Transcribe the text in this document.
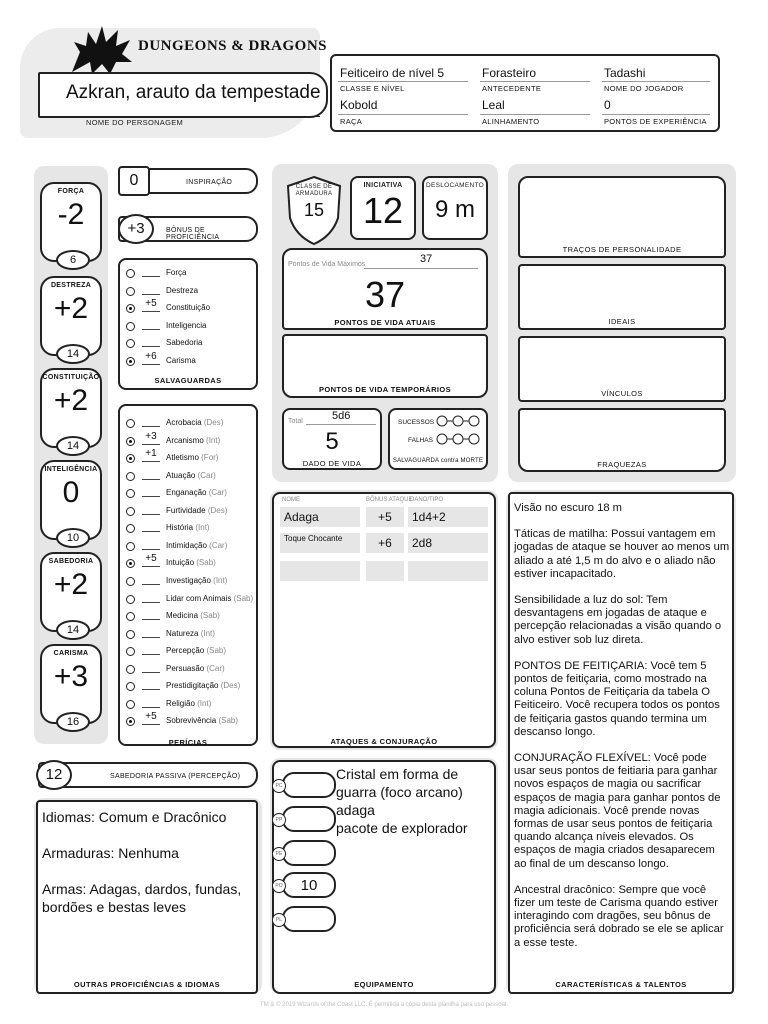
DUNGEONS & DRAGONS
Azkran, arauto da tempestade
NOME DO PERSONAGEM
Feiticeiro de nível 5
CLASSE E NÍVEL
Forasteiro
ANTECEDENTE
Tadashi
NOME DO JOGADOR
Kobold
RAÇA
Leal
ALINHAMENTO
0
PONTOS DE EXPERIÊNCIA
FORÇA
-2
6
DESTREZA
+2
14
CONSTITUIÇÃO
+2
14
INTELIGÊNCIA
0
10
SABEDORIA
+2
14
CARISMA
+3
16
0	INSPIRAÇÃO
+3	BÔNUS DE PROFICIÊNCIA
Força
Destreza
+5	Constituição
Inteligencia
Sabedoria
+6	Carisma
SALVAGUARDAS
Acrobacia (Des)
+3	Arcanismo (Int)
+1	Atletismo (For)
Atuação (Car)
Enganação (Car)
Furtividade (Des)
História (Int)
Intimidação (Car)
+5	Intuição (Sab)
Investigação (Int)
Lidar com Animais (Sab)
Medicina (Sab)
Natureza (Int)
Percepção (Sab)
Persuasão (Car)
Prestidigitação (Des)
Religião (Int)
+5	Sobrevivência (Sab)
PERÍCIAS
12	SABEDORIA PASSIVA (PERCEPÇÃO)
Idiomas: Comum e Dracônico

Armaduras: Nenhuma

Armas: Adagas, dardos, fundas, bordões e bestas leves
OUTRAS PROFICIÊNCIAS & IDIOMAS
CLASSE DE ARMADURA
15
INICIATIVA
12
DESLOCAMENTO
9 m
Pontos de Vida Máximos	37
37
PONTOS DE VIDA ATUAIS
PONTOS DE VIDA TEMPORÁRIOS
Total	5d6
5
DADO DE VIDA
SUCESSOS
FALHAS
SALVAGUARDA contra MORTE
NOME	BÔNUS ATAQUE
DANO/TIPO
Adaga	+5	1d4+2
Toque Chocante	+6	2d8
ATAQUES & CONJURAÇÃO
PC
PP
PE
PO	10
PL
Cristal em forma de
guarra (foco arcano)
adaga
pacote de explorador
EQUIPAMENTO
TRAÇOS DE PERSONALIDADE
IDEAIS
VÍNCULOS
FRAQUEZAS

Visão no escuro 18 m

Táticas de matilha: Possui vantagem em jogadas de ataque se houver ao menos um aliado a até 1,5 m do alvo e o aliado não estiver incapacitado.

Sensibilidade a luz do sol: Tem desvantagens em jogadas de ataque e percepção relacionadas a visão quando o alvo estiver sob luz direta.

PONTOS DE FEITIÇARIA: Você tem 5 pontos de feitiçaria, como mostrado na coluna Pontos de Feitiçaria da tabela O Feiticeiro. Você recupera todos os pontos de feitiçaria gastos quando termina um descanso longo.

CONJURAÇÃO FLEXÍVEL: Você pode usar seus pontos de feitiaria para ganhar novos espaços de magia ou sacrificar espaços de magia para ganhar pontos de magia adicionais. Você prende novas formas de usar seus pontos de feitiçaria quando alcança níveis elevados. Os espaços de magia criados desaparecem ao final de um descanso longo.

Ancestral dracônico: Sempre que você fizer um teste de Carisma quando estiver interagindo com dragões, seu bônus de proficiência será dobrado se ele se aplicar a esse teste.

CARACTERÍSTICAS & TALENTOS
TM & © 2019 Wizards of the Coast LLC. É permitida a cópia desta planilha para uso pessoal.
